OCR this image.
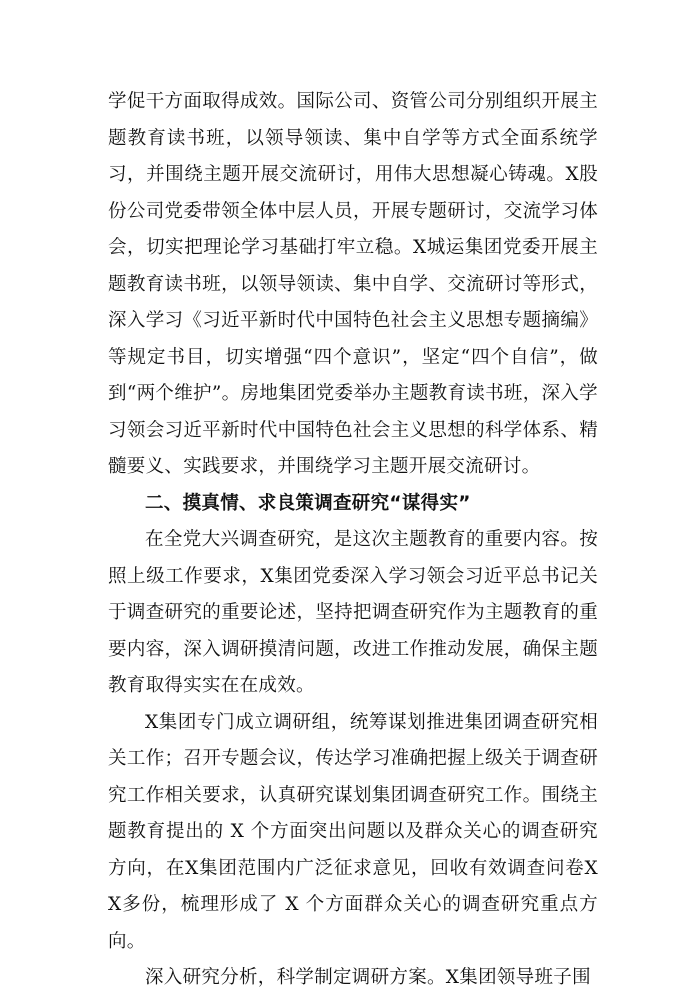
学促干方面取得成效。国际公司、资管公司分别组织开展主题教育读书班，以领导领读、集中自学等方式全面系统学习，并围绕主题开展交流研讨，用伟大思想凝心铸魂。X股份公司党委带领全体中层人员，开展专题研讨，交流学习体会，切实把理论学习基础打牢立稳。X城运集团党委开展主题教育读书班，以领导领读、集中自学、交流研讨等形式，深入学习《习近平新时代中国特色社会主义思想专题摘编》等规定书目，切实增强“四个意识”，坚定“四个自信”，做到“两个维护”。房地集团党委举办主题教育读书班，深入学习领会习近平新时代中国特色社会主义思想的科学体系、精髓要义、实践要求，并围绕学习主题开展交流研讨。

二、摸真情、求良策调查研究“谋得实”

在全党大兴调查研究，是这次主题教育的重要内容。按照上级工作要求，X集团党委深入学习领会习近平总书记关于调查研究的重要论述，坚持把调查研究作为主题教育的重要内容，深入调研摸清问题，改进工作推动发展，确保主题教育取得实实在在成效。

X集团专门成立调研组，统筹谋划推进集团调查研究相关工作；召开专题会议，传达学习准确把握上级关于调查研究工作相关要求，认真研究谋划集团调查研究工作。围绕主题教育提出的 X 个方面突出问题以及群众关心的调查研究方向，在X集团范围内广泛征求意见，回收有效调查问卷XX多份，梳理形成了 X 个方面群众关心的调查研究重点方向。

深入研究分析，科学制定调研方案。X集团领导班子围
